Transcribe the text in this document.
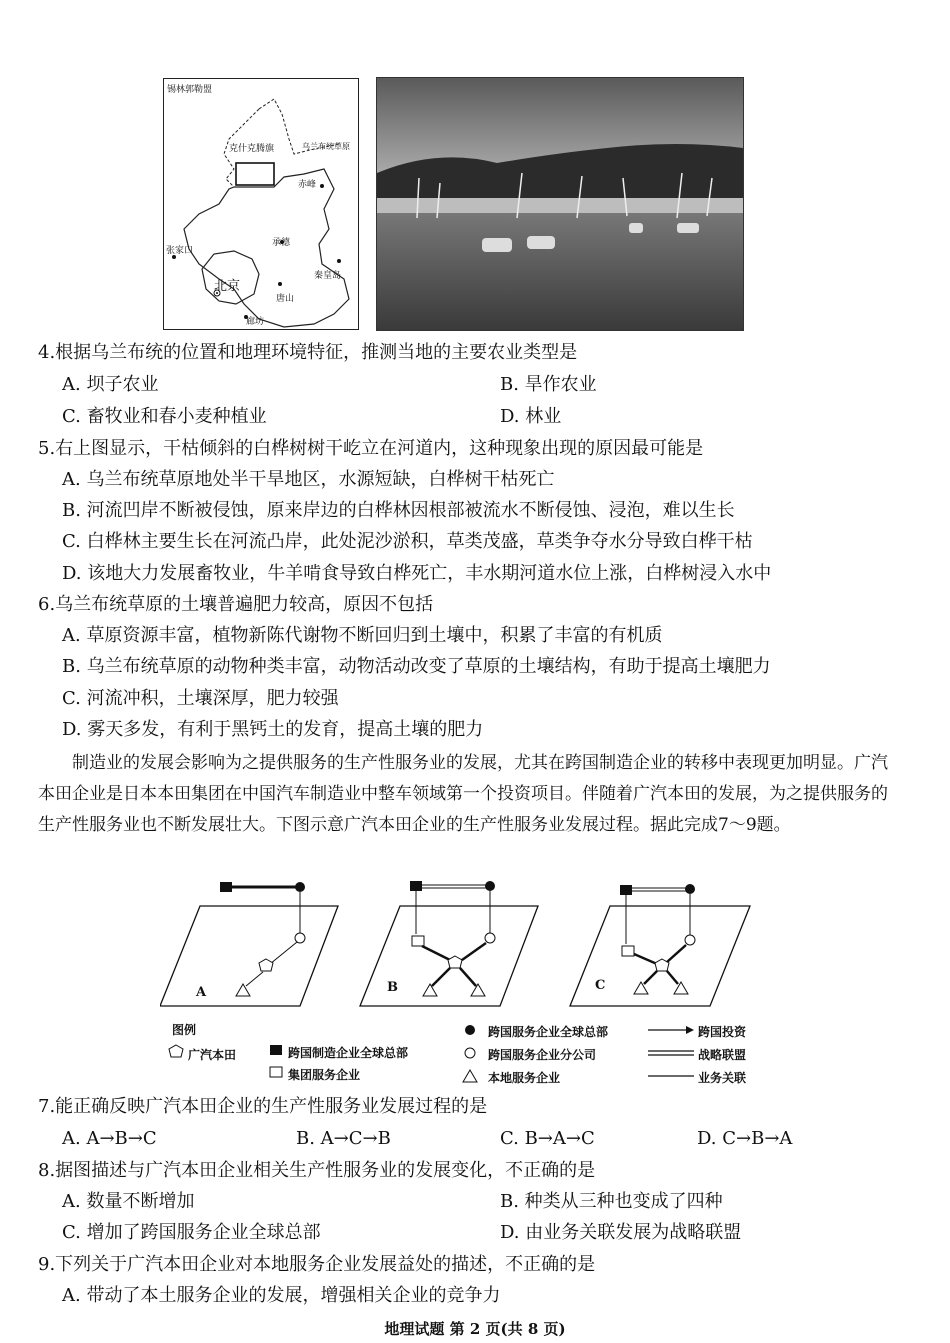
锡林郭勒盟
克什克腾旗	乌兰布统草原
赤峰
承德
张家口
北京
唐山
廊坊
秦皇岛
4.根据乌兰布统的位置和地理环境特征，推测当地的主要农业类型是
A. 坝子农业	B. 旱作农业
C. 畜牧业和春小麦种植业	D. 林业
5.右上图显示，干枯倾斜的白桦树树干屹立在河道内，这种现象出现的原因最可能是
A. 乌兰布统草原地处半干旱地区，水源短缺，白桦树干枯死亡
B. 河流凹岸不断被侵蚀，原来岸边的白桦林因根部被流水不断侵蚀、浸泡，难以生长
C. 白桦林主要生长在河流凸岸，此处泥沙淤积，草类茂盛，草类争夺水分导致白桦干枯
D. 该地大力发展畜牧业，牛羊啃食导致白桦死亡，丰水期河道水位上涨，白桦树浸入水中
6.乌兰布统草原的土壤普遍肥力较高，原因不包括
A. 草原资源丰富，植物新陈代谢物不断回归到土壤中，积累了丰富的有机质
B. 乌兰布统草原的动物种类丰富，动物活动改变了草原的土壤结构，有助于提高土壤肥力
C. 河流冲积，土壤深厚，肥力较强
D. 雾天多发，有利于黑钙土的发育，提高土壤的肥力
制造业的发展会影响为之提供服务的生产性服务业的发展，尤其在跨国制造企业的转移中表现更加明显。广汽本田企业是日本本田集团在中国汽车制造业中整车领域第一个投资项目。伴随着广汽本田的发展，为之提供服务的生产性服务业也不断发展壮大。下图示意广汽本田企业的生产性服务业发展过程。据此完成7～9题。
A	B	C
图例
广汽本田	跨国制造企业全球总部
集团服务企业
跨国服务企业全球总部
跨国服务企业分公司
本地服务企业
跨国投资
战略联盟
业务关联
7.能正确反映广汽本田企业的生产性服务业发展过程的是
A. A→B→C	B. A→C→B	C. B→A→C	D. C→B→A
8.据图描述与广汽本田企业相关生产性服务业的发展变化，不正确的是
A. 数量不断增加	B. 种类从三种也变成了四种
C. 增加了跨国服务企业全球总部	D. 由业务关联发展为战略联盟
9.下列关于广汽本田企业对本地服务企业发展益处的描述，不正确的是
A. 带动了本土服务企业的发展，增强相关企业的竞争力
地理试题 第 2 页(共 8 页)
